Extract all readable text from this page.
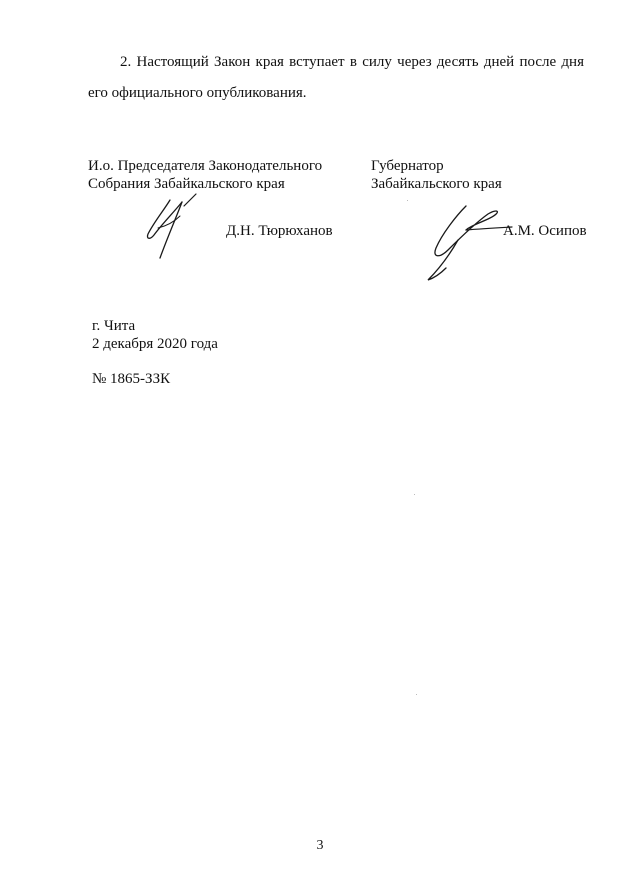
2. Настоящий Закон края вступает в силу через десять дней после дня
его официального опубликования.
И.о. Председателя Законодательного
Собрания Забайкальского края
Губернатор
Забайкальского края
Д.Н. Тюрюханов	А.М. Осипов
г. Чита
2 декабря 2020 года
№ 1865-ЗЗК
3
